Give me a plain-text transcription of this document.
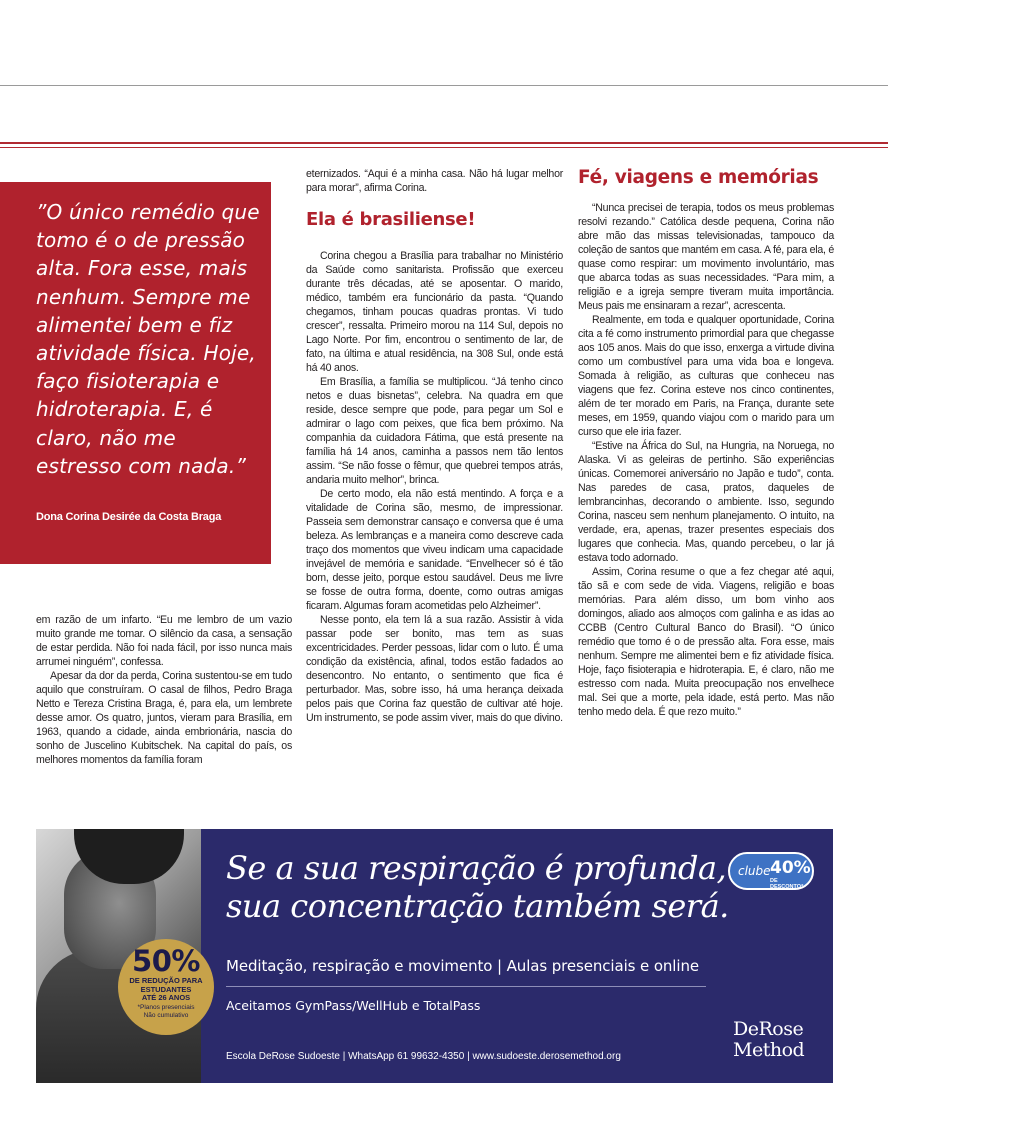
”O único remédio que tomo é o de pressão alta. Fora esse, mais nenhum. Sempre me alimentei bem e fiz atividade física. Hoje, faço fisioterapia e hidroterapia. E, é claro, não me estresso com nada.”

Dona Corina Desirée da Costa Braga

em razão de um infarto. “Eu me lembro de um vazio muito grande me tomar. O silêncio da casa, a sensação de estar perdida. Não foi nada fácil, por isso nunca mais arrumei ninguém”, confessa.

Apesar da dor da perda, Corina sustentou-se em tudo aquilo que construíram. O casal de filhos, Pedro Braga Netto e Tereza Cristina Braga, é, para ela, um lembrete desse amor. Os quatro, juntos, vieram para Brasília, em 1963, quando a cidade, ainda embrionária, nascia do sonho de Juscelino Kubitschek. Na capital do país, os melhores momentos da família foram

eternizados. “Aqui é a minha casa. Não há lugar melhor para morar”, afirma Corina.

Ela é brasiliense!

Corina chegou a Brasília para trabalhar no Ministério da Saúde como sanitarista. Profissão que exerceu durante três décadas, até se aposentar. O marido, médico, também era funcionário da pasta. “Quando chegamos, tinham poucas quadras prontas. Vi tudo crescer”, ressalta. Primeiro morou na 114 Sul, depois no Lago Norte. Por fim, encontrou o sentimento de lar, de fato, na última e atual residência, na 308 Sul, onde está há 40 anos.

Em Brasília, a família se multiplicou. “Já tenho cinco netos e duas bisnetas”, celebra. Na quadra em que reside, desce sempre que pode, para pegar um Sol e admirar o lago com peixes, que fica bem próximo. Na companhia da cuidadora Fátima, que está presente na família há 14 anos, caminha a passos nem tão lentos assim. “Se não fosse o fêmur, que quebrei tempos atrás, andaria muito melhor”, brinca.

De certo modo, ela não está mentindo. A força e a vitalidade de Corina são, mesmo, de impressionar. Passeia sem demonstrar cansaço e conversa que é uma beleza. As lembranças e a maneira como descreve cada traço dos momentos que viveu indicam uma capacidade invejável de memória e sanidade. “Envelhecer só é tão bom, desse jeito, porque estou saudável. Deus me livre se fosse de outra forma, doente, como outras amigas ficaram. Algumas foram acometidas pelo Alzheimer”.

Nesse ponto, ela tem lá a sua razão. Assistir à vida passar pode ser bonito, mas tem as suas excentricidades. Perder pessoas, lidar com o luto. É uma condição da existência, afinal, todos estão fadados ao desencontro. No entanto, o sentimento que fica é perturbador. Mas, sobre isso, há uma herança deixada pelos pais que Corina faz questão de cultivar até hoje. Um instrumento, se pode assim viver, mais do que divino.

Fé, viagens e memórias

“Nunca precisei de terapia, todos os meus problemas resolvi rezando.” Católica desde pequena, Corina não abre mão das missas televisionadas, tampouco da coleção de santos que mantém em casa. A fé, para ela, é quase como respirar: um movimento involuntário, mas que abarca todas as suas necessidades. “Para mim, a religião e a igreja sempre tiveram muita importância. Meus pais me ensinaram a rezar”, acrescenta.

Realmente, em toda e qualquer oportunidade, Corina cita a fé como instrumento primordial para que chegasse aos 105 anos. Mais do que isso, enxerga a virtude divina como um combustível para uma vida boa e longeva. Somada à religião, as culturas que conheceu nas viagens que fez. Corina esteve nos cinco continentes, além de ter morado em Paris, na França, durante sete meses, em 1959, quando viajou com o marido para um curso que ele iria fazer.

“Estive na África do Sul, na Hungria, na Noruega, no Alaska. Vi as geleiras de pertinho. São experiências únicas. Comemorei aniversário no Japão e tudo”, conta. Nas paredes de casa, pratos, daqueles de lembrancinhas, decorando o ambiente. Isso, segundo Corina, nasceu sem nenhum planejamento. O intuito, na verdade, era, apenas, trazer presentes especiais dos lugares que conhecia. Mas, quando percebeu, o lar já estava todo adornado.

Assim, Corina resume o que a fez chegar até aqui, tão sã e com sede de vida. Viagens, religião e boas memórias. Para além disso, um bom vinho aos domingos, aliado aos almoços com galinha e as idas ao CCBB (Centro Cultural Banco do Brasil). “O único remédio que tomo é o de pressão alta. Fora esse, mais nenhum. Sempre me alimentei bem e fiz atividade física. Hoje, faço fisioterapia e hidroterapia. E, é claro, não me estresso com nada. Muita preocupação nos envelhece mal. Sei que a morte, pela idade, está perto. Mas não tenho medo dela. É que rezo muito.”

50%
DE REDUÇÃO PARA
ESTUDANTES
ATÉ 26 ANOS
*Planos presenciais
Não cumulativo
Se a sua respiração é profunda,
sua concentração também será.

Meditação, respiração e movimento | Aulas presenciais e online

Aceitamos GymPass/WellHub e TotalPass

Escola DeRose Sudoeste | WhatsApp 61 99632-4350 | www.sudoeste.derosemethod.org

clube 40%
DE DESCONTO*
DeRose
Method
